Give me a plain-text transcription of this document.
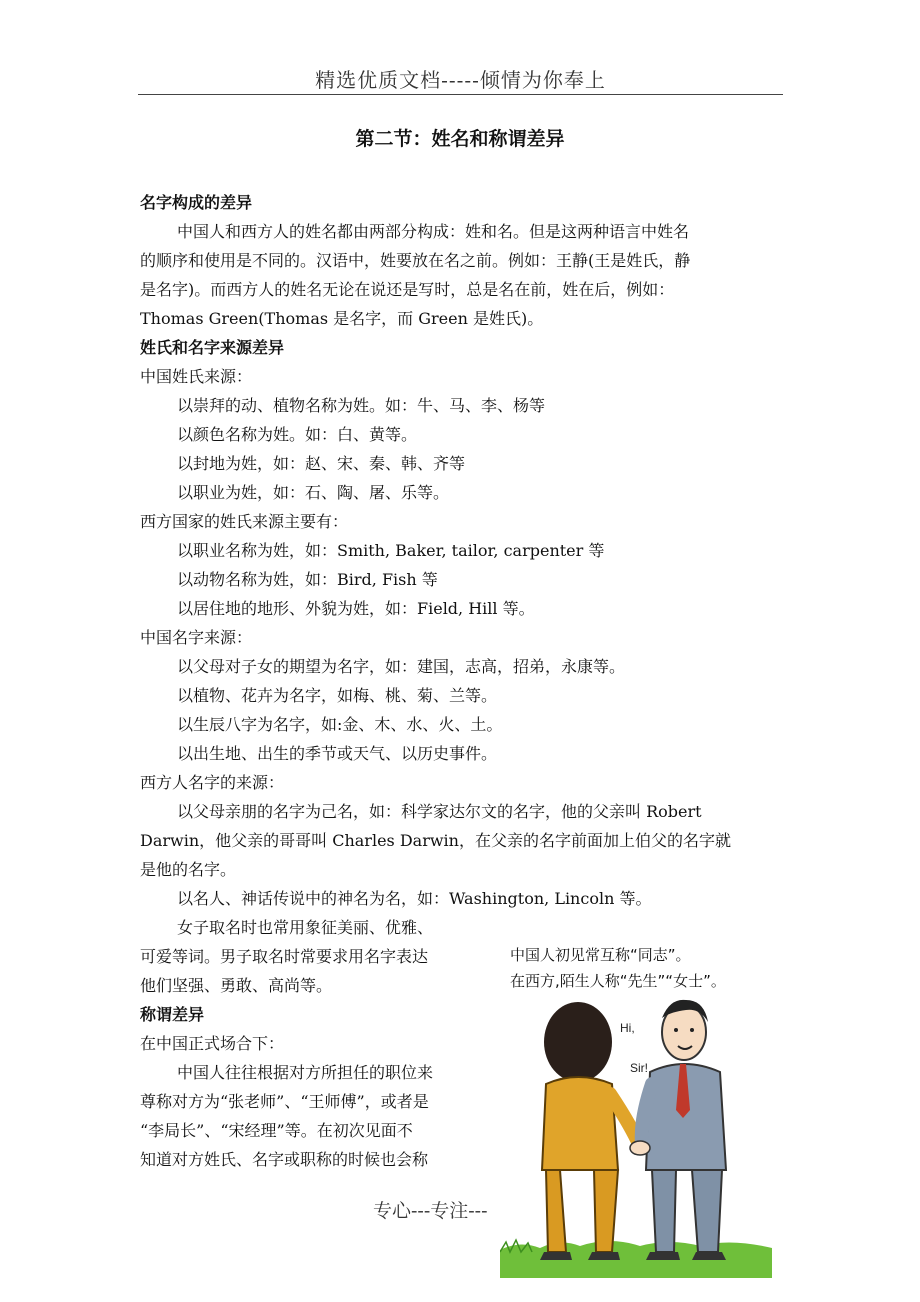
精选优质文档-----倾情为你奉上
第二节：姓名和称谓差异

名字构成的差异

中国人和西方人的姓名都由两部分构成：姓和名。但是这两种语言中姓名

的顺序和使用是不同的。汉语中，姓要放在名之前。例如：王静(王是姓氏，静

是名字)。而西方人的姓名无论在说还是写时，总是名在前，姓在后，例如：

Thomas Green(Thomas 是名字，而 Green 是姓氏)。

姓氏和名字来源差异

中国姓氏来源：

以崇拜的动、植物名称为姓。如：牛、马、李、杨等

以颜色名称为姓。如：白、黄等。

以封地为姓，如：赵、宋、秦、韩、齐等

以职业为姓，如：石、陶、屠、乐等。

西方国家的姓氏来源主要有：

以职业名称为姓，如：Smith, Baker, tailor, carpenter 等

以动物名称为姓，如：Bird, Fish 等

以居住地的地形、外貌为姓，如：Field, Hill 等。

中国名字来源：

以父母对子女的期望为名字，如：建国，志高，招弟，永康等。

以植物、花卉为名字，如梅、桃、菊、兰等。

以生辰八字为名字，如:金、木、水、火、土。

以出生地、出生的季节或天气、以历史事件。

西方人名字的来源：

以父母亲朋的名字为己名，如：科学家达尔文的名字，他的父亲叫 Robert

Darwin，他父亲的哥哥叫 Charles Darwin，在父亲的名字前面加上伯父的名字就

是他的名字。

以名人、神话传说中的神名为名，如：Washington, Lincoln 等。

女子取名时也常用象征美丽、优雅、

可爱等词。男子取名时常要求用名字表达

他们坚强、勇敢、高尚等。

称谓差异

在中国正式场合下：

中国人往往根据对方所担任的职位来

尊称对方为“张老师”、“王师傅”，或者是

“李局长”、“宋经理”等。在初次见面不

知道对方姓氏、名字或职称的时候也会称

中国人初见常互称“同志”。
在西方,陌生人称“先生”“女士”。
Hi,
Sir!
专心---专注---
